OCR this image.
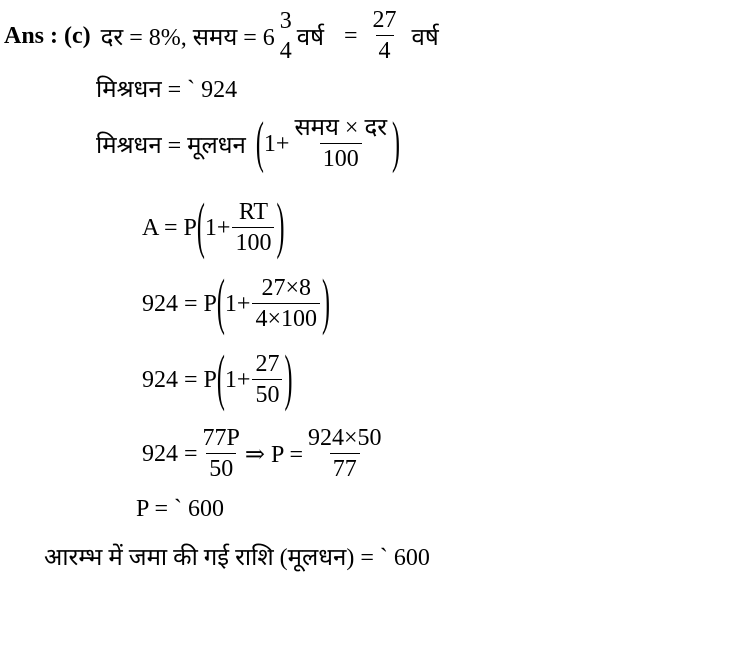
Ans : (c) दर = 8%, समय = 6
3
4 वर्ष = $\frac{27}{4}$ वर्ष
मिश्रधन = ` 924
मिश्रधन = मूलधन ( $1+ \frac{\text{समय × दर}}{100}$ )
A = P ( $1+ \frac{RT}{100}$ )
924 = P ( $1+ \frac{27\times 8}{4\times 100}$ )
924 = P ( $1+ \frac{27}{50}$ )
$924 = \frac{77P}{50}$ ⇒ $P = \frac{924\times 50}{77}$
P = ` 600
आरम्भ में जमा की गई राशि (मूलधन) = ` 600
